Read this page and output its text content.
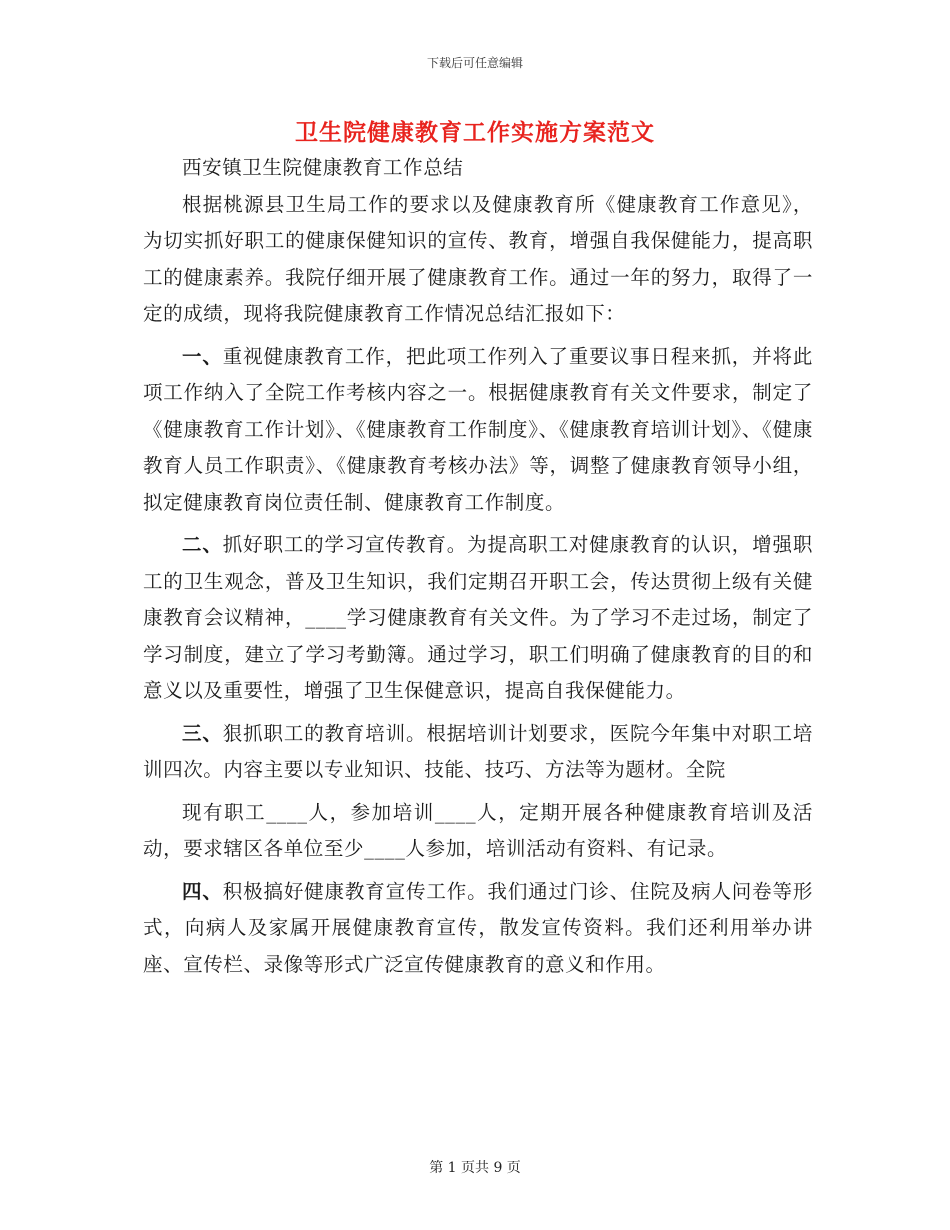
下载后可任意编辑
卫生院健康教育工作实施方案范文

西安镇卫生院健康教育工作总结

根据桃源县卫生局工作的要求以及健康教育所《健康教育工作意见》，为切实抓好职工的健康保健知识的宣传、教育，增强自我保健能力，提高职工的健康素养。我院仔细开展了健康教育工作。通过一年的努力，取得了一定的成绩，现将我院健康教育工作情况总结汇报如下：

一、重视健康教育工作，把此项工作列入了重要议事日程来抓，并将此项工作纳入了全院工作考核内容之一。根据健康教育有关文件要求，制定了《健康教育工作计划》、《健康教育工作制度》、《健康教育培训计划》、《健康教育人员工作职责》、《健康教育考核办法》等，调整了健康教育领导小组，拟定健康教育岗位责任制、健康教育工作制度。

二、抓好职工的学习宣传教育。为提高职工对健康教育的认识，增强职工的卫生观念，普及卫生知识，我们定期召开职工会，传达贯彻上级有关健康教育会议精神，____学习健康教育有关文件。为了学习不走过场，制定了学习制度，建立了学习考勤簿。通过学习，职工们明确了健康教育的目的和意义以及重要性，增强了卫生保健意识，提高自我保健能力。

三、狠抓职工的教育培训。根据培训计划要求，医院今年集中对职工培训四次。内容主要以专业知识、技能、技巧、方法等为题材。全院

现有职工____人，参加培训____人，定期开展各种健康教育培训及活动，要求辖区各单位至少____人参加，培训活动有资料、有记录。

四、积极搞好健康教育宣传工作。我们通过门诊、住院及病人问卷等形式，向病人及家属开展健康教育宣传，散发宣传资料。我们还利用举办讲座、宣传栏、录像等形式广泛宣传健康教育的意义和作用。

第 1 页共 9 页
